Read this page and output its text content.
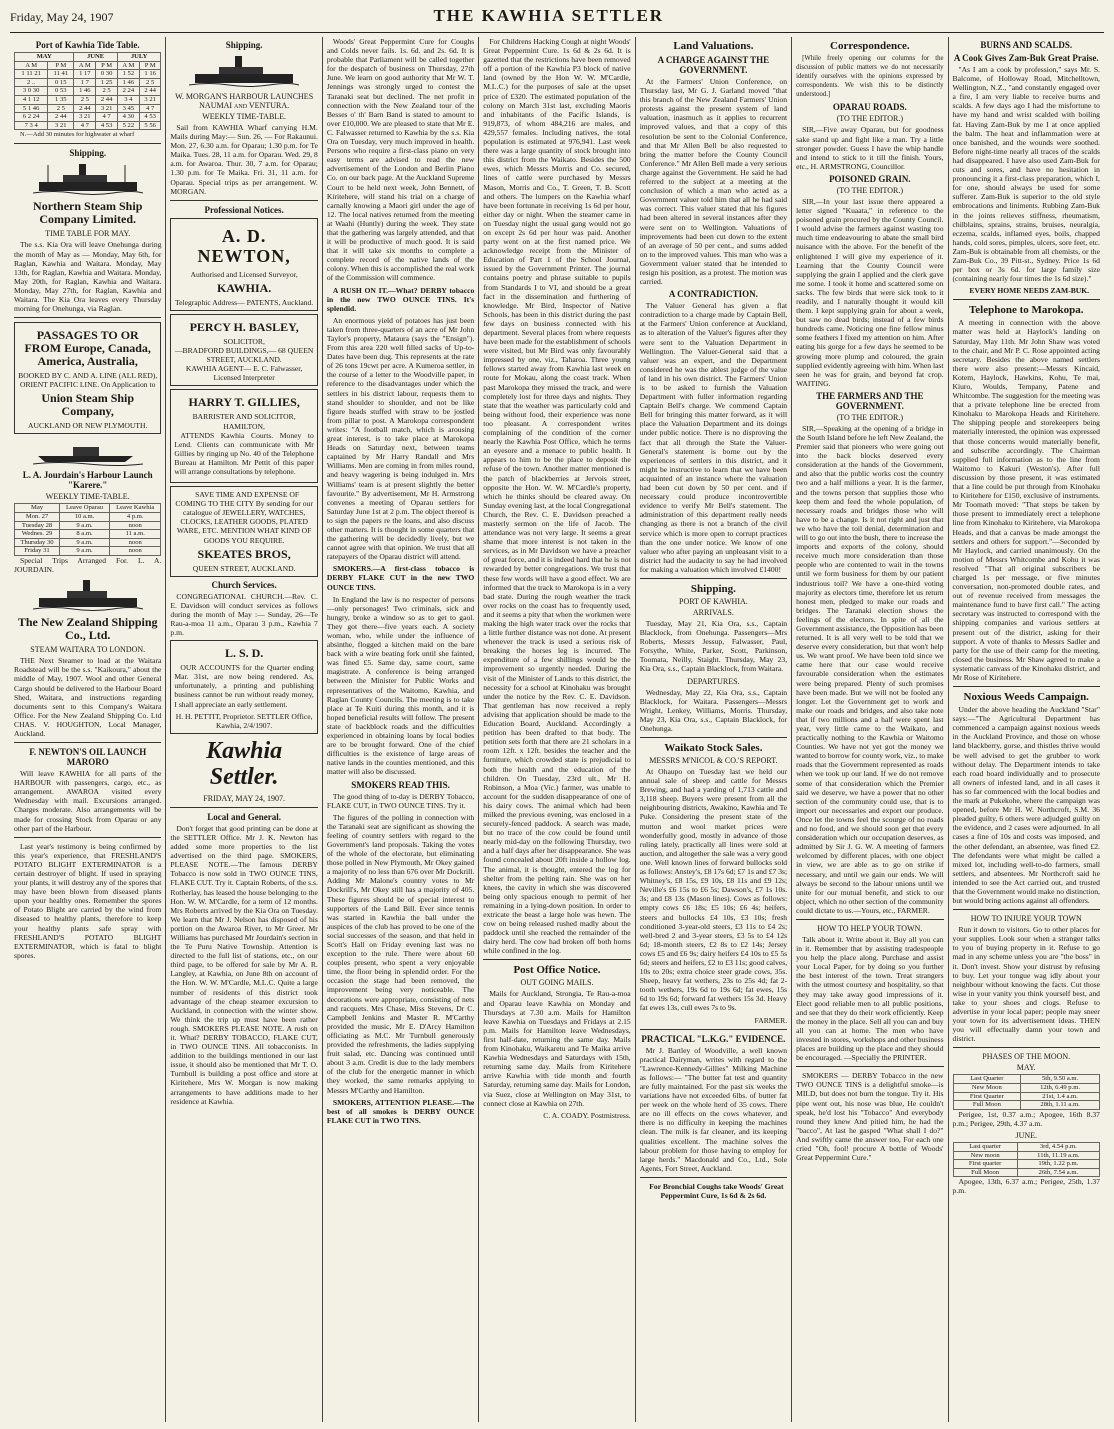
Friday, May 24, 1907	THE KAWHIA SETTLER
Port of Kawhia Tide Table.
MAY		JUNE		JULY	
A M	P M	A M	P M	A M	P M
1 11 21	11 41	1 17	0 30	1 52	1 16
2 ..	0 15	1 7	1 25	1 46	2 5
3 0 30	0 53	1 46	2 5	2 24	2 44
4 1 12	1 35	2 5	2 44	3 4	3 21
5 1 46	2 5	2 44	3 21	3 45	4 7
6 2 24	2 44	3 21	4 7	4 30	4 53
7 3 4	3 21	4 7	4 53	5 22	5 56

N.—Add 30 minutes for highwater at wharf

Shipping.
Northern Steam Ship Company Limited.
TIME TABLE FOR MAY.

The s.s. Kia Ora will leave Onehunga during the month of May as — Monday, May 6th, for Raglan, Kawhia and Waitara. Monday, May 13th, for Raglan, Kawhia and Waitara. Monday, May 20th, for Raglan, Kawhia and Waitara. Monday, May 27th, for Raglan, Kawhia and Waitara. The Kia Ora leaves every Thursday morning for Onehunga, via Raglan.

PASSAGES TO OR FROM Europe, Canada, America, Australia,
BOOKED BY C. AND A. LINE (ALL RED), ORIENT PACIFIC LINE. On Application to
Union Steam Ship Company,
AUCKLAND OR NEW PLYMOUTH.
L. A. Jourdain's Harbour Launch "Karere."
WEEKLY TIME-TABLE.
May	Leave Oparau	Leave Kawhia
Mon. 27	10 a.m.	4 p.m.
Tuesday 28	9 a.m.	noon
Wednes. 29	8 a.m.	11 a.m.
Thursday 30	9 a.m.	noon
Friday 31	9 a.m.	noon

Special Trips Arranged For. L. A. JOURDAIN.

The New Zealand Shipping Co., Ltd.
STEAM WAITARA TO LONDON.

THE Next Steamer to load at the Waitara Roadstead will be the s.s. "Kaikoura," about the middle of May, 1907. Wool and other General Cargo should be delivered to the Harbour Board Shed, Waitara, and instructions regarding documents sent to this Company's Waitara Office. For the New Zealand Shipping Co. Ltd CHAS. V. HOUGHTON, Local Manager, Auckland.

F. NEWTON'S OIL LAUNCH MARORO

Will leave KAWHIA for all parts of the HARBOUR with passengers, cargo, etc., as arrangement. AWAROA visited every Wednesday with mail. Excursions arranged. Charges moderate. Also arrangements will be made for crossing Stock from Oparau or any other part of the Harbour.

Last year's testimony is being confirmed by this year's experience, that FRESHLAND'S POTATO BLIGHT EXTERMINATOR is a certain destroyer of blight. If used in spraying your plants, it will destroy any of the spores that may have been blown from diseased plants upon your healthy ones. Remember the spores of Potato Blight are carried by the wind from diseased to healthy plants, therefore to keep your healthy plants safe spray with FRESHLAND'S POTATO BLIGHT EXTERMINATOR, which is fatal to blight spores.

Shipping.
W. MORGAN'S HARBOUR LAUNCHES NAUMAI and VENTURA.
WEEKLY TIME-TABLE.

Sail from KAWHIA Wharf carrying H.M. Mails during May:— Sun. 26, — For Rakaunui. Mon. 27, 6.30 a.m. for Oparau; 1.30 p.m. for Te Maika. Tues. 28, 11 a.m. for Oparau. Wed. 29, 8 a.m. for Awaroa. Thur. 30, 7 a.m. for Oparau; 1.30 p.m. for Te Maika. Fri. 31, 11 a.m. for Oparau. Special trips as per arrangement. W. MORGAN.

Professional Notices.
A. D. NEWTON,
Authorised and Licensed Surveyor,
KAWHIA.
Telegraphic Address— PATENTS, Auckland.
PERCY H. BASLEY,
SOLICITOR,
—BRADFORD BUILDINGS,— 68 QUEEN STREET, AUCKLAND.
KAWHIA AGENT— E. C. Falwasser, Licensed Interpreter
HARRY T. GILLIES,
BARRISTER AND SOLICITOR, HAMILTON,

ATTENDS Kawhia Courts. Money to Lend. Clients can communicate with Mr Gillies by ringing up No. 40 of the Telephone Bureau at Hamilton. Mr Pettit of this paper will arrange consultations by telephone.

SAVE TIME AND EXPENSE OF COMING TO THE CITY By sending for our catalogue of JEWELLERY, WATCHES, CLOCKS, LEATHER GOODS, PLATED WARE, ETC. MENTION WHAT KIND OF GOODS YOU REQUIRE.

SKEATES BROS,
QUEEN STREET, AUCKLAND.
Church Services.

CONGREGATIONAL CHURCH.—Rev. C. E. Davidson will conduct services as follows during the month of May :— Sunday, 26—Te Rau-a-moa 11 a.m., Oparau 3 p.m., Kawhia 7 p.m.

L. S. D.

OUR ACCOUNTS for the Quarter ending Mar. 31st, are now being rendered. As, unfortunately, a printing and publishing business cannot be run without ready money, I shall appreciate an early settlement.

H. H. PETTIT, Proprietor. SETTLER Office, Kawhia, 2/4/1907.
Kawhia Settler.
FRIDAY, MAY 24, 1907.
Local and General.

Don't forget that good printing can be done at the SETTLER Office. Mr J. K. Newton has added some more properties to the list advertised on the third page. SMOKERS, PLEASE NOTE.—The famous DERBY Tobacco is now sold in TWO OUNCE TINS, FLAKE CUT. Try it. Captain Roberts, of the s.s. Rotherlay, has leased the house belonging to the Hon. W. W. M'Cardle, for a term of 12 months. Mrs Roberts arrived by the Kia Ora on Tuesday. We learn that Mr J. Nelson has disposed of his portion on the Awaroa River, to Mr Greer. Mr Williams has purchased Mr Jourdain's section in the Te Puru Native Township. Attention is directed to the full list of stations, etc., on our third page, to be offered for sale by Mr A. R. Langley, at Kawhia, on June 8th on account of the Hon. W. W. M'Cardle, M.L.C. Quite a large number of residents of this district took advantage of the cheap steamer excursion to Auckland, in connection with the winter show. We think the trip up must have been rather rough. SMOKERS PLEASE NOTE. A rush on it. What? DERBY TOBACCO, FLAKE CUT, in TWO OUNCE TINS. All tobacconists. In addition to the buildings mentioned in our last issue, it should also be mentioned that Mr T. O. Turnbull is building a post office and store at Kiritehere, Mrs W. Morgan is now making arrangements to have additions made to her residence at Kawhia.

Woods' Great Peppermint Cure for Coughs and Colds never fails. 1s. 6d. and 2s. 6d. It is probable that Parliament will be called together for the despatch of business on Thursday, 27th June. We learn on good authority that Mr W. T. Jennings was strongly urged to contest the Taranaki seat but declined. The net profit in connection with the New Zealand tour of the Besses o' th' Barn Band is stated to amount to over £10,000. We are pleased to state that Mr E. C. Falwasser returned to Kawhia by the s.s. Kia Ora on Tuesday, very much improved in health. Persons who require a first-class piano on very easy terms are advised to read the new advertisement of the London and Berlin Piano Co. on our back page. At the Auckland Supreme Court to be held next week, John Bennett, of Kiritehere, will stand his trial on a charge of carnally knowing a Maori girl under the age of 12. The local natives returned from the meeting at Waahi (Huntly) during the week. They state that the gathering was largely attended, and that it will be productive of much good. It is said that it will take six months to complete a complete record of the native lands of the colony. When this is accomplished the real work of the Commission will commence.

A RUSH ON IT.—What? DERBY tobacco in the new TWO OUNCE TINS. It's splendid.

An enormous yield of potatoes has just been taken from three-quarters of an acre of Mr John Taylor's property, Mataura (says the "Ensign"). From this area 220 well filled sacks of Up-to-Dates have been dug. This represents at the rate of 26 tons 19cwt per acre. A Kumeroa settler, in the course of a letter to the Woodville paper, in reference to the disadvantages under which the settlers in his district labour, requests them to stand shoulder to shoulder, and not be like figure heads stuffed with straw to be jostled from pillar to post. A Marokopa correspondent writes: "A football match, which is arousing great interest, is to take place at Marokopa Heads on Saturday next, between teams captained by Mr Harry Randall and Mrs Williams. Men are coming in from miles round, and heavy wagering is being indulged in. Mrs Williams' team is at present slightly the better favourite." By advertisement, Mr H. Armstrong convenes a meeting of Oparau settlers for Saturday June 1st at 2 p.m. The object thereof is to sign the papers re the loans, and also discuss other matters. It is thought in some quarters that the gathering will be decidedly lively, but we cannot agree with that opinion. We trust that all ratepayers of the Oparau district will attend.

SMOKERS.—A first-class tobacco is DERBY FLAKE CUT in the new TWO OUNCE TINS.

In England the law is no respecter of persons—only personages! Two criminals, sick and hungry, broke a window so as to get to gaol. They got there—five years each. A society woman, who, while under the influence of absinthe, flogged a kitchen maid on the bare back with a wire beating fork until she fainted, was fined £5. Same day, same court, same magistrate. A conference is being arranged between the Minister for Public Works and representatives of the Waitomo, Kawhia, and Raglan County Councils. The meeting is to take place at Te Kuiti during this month, and it is hoped beneficial results will follow. The present state of backblock roads and the difficulties experienced in obtaining loans by local bodies are to be brought forward. One of the chief difficulties is the existence of large areas of native lands in the counties mentioned, and this matter will also be discussed.

SMOKERS READ THIS.

The good thing of to-day is DERBY Tobacco, FLAKE CUT, in TWO OUNCE TINS. Try it.

The figures of the polling in connection with the Taranaki seat are significant as showing the feeling of country settlers with regard to the Government's land proposals. Taking the votes of the whole of the electorate, but eliminating those polled in New Plymouth, Mr Okey gained a majority of no less than 676 over Mr Dockrill. Adding Mr Malone's country votes to Mr Dockrill's, Mr Okey still has a majority of 405. These figures should be of special interest to supporters of the Land Bill. Ever since tennis was started in Kawhia the ball under the auspices of the club has proved to be one of the social successes of the season, and that held in Scott's Hall on Friday evening last was no exception to the rule. There were about 60 couples present, who spent a very enjoyable time, the floor being in splendid order. For the occasion the stage had been removed, the improvement being very noticeable. The decorations were appropriate, consisting of nets and racquets. Mrs Chase, Miss Stevens, Dr C. Campbell Jenkins and Master R. M'Carthy provided the music, Mr E. D'Arcy Hamilton officiating as M.C. Mr Turnbull generously provided the refreshments, the ladies supplying fruit salad, etc. Dancing was continued until about 3 a.m. Credit is due to the lady members of the club for the energetic manner in which they worked, the same remarks applying to Messrs M'Carthy and Hamilton.

SMOKERS, ATTENTION PLEASE.—The best of all smokes is DERBY OUNCE FLAKE CUT in TWO TINS.

For Childrens Hacking Cough at night Woods' Great Peppermint Cure. 1s 6d & 2s 6d. It is gazetted that the restrictions have been removed off a portion of the Kawhia P3 block of native land (owned by the Hon W. W. M'Cardle, M.L.C.) for the purposes of sale at the upset price of £320. The estimated population of the colony on March 31st last, excluding Maoris and inhabitants of the Pacific Islands, is 919,873, of whom 484,216 are males, and 429,557 females. Including natives, the total population is estimated at 976,941. Last week there was a large quantity of stock brought into this district from the Waikato. Besides the 500 ewes, which Messrs Morris and Co. secured, lines of cattle were purchased by Messrs Mason, Morris and Co., T. Green, T. B. Scott and others. The lumpers on the Kawhia wharf have been fortunate in receiving 1s 6d per hour, either day or night. When the steamer came in on Tuesday night the usual gang would not go on except 2s 6d per hour was paid. Another party went on at the first named price. We acknowledge receipt from the Minister of Education of Part 1 of the School Journal, issued by the Government Printer. The journal contains poetry and phrase suitable to pupils from Standards I to VI, and should be a great fact in the dissemination and furthering of knowledge. Mr Bird, Inspector of Native Schools, has been in this district during the past few days on business connected with his department. Several places from where requests have been made for the establishment of schools were visited, but Mr Bird was only favourably impressed by one, viz., Taharoa. Three young fellows started away from Kawhia last week en route for Mokau, along the coast track. When past Marokopa they missed the track, and were completely lost for three days and nights. They state that the weather was particularly cold and being without food, their experience was none too pleasant. A correspondent writes complaining of the condition of the corner nearly the Kawhia Post Office, which he terms an eyesore and a menace to public health. It appears to him to be the place to deposit the refuse of the town. Another matter mentioned is the patch of blackberries at Jervois street, opposite the Hon. W. W. M'Cardle's property, which he thinks should be cleared away. On Sunday evening last, at the local Congregational Church, the Rev. C. E. Davidson preached a masterly sermon on the life of Jacob. The attendance was not very large. It seems a great shame that more interest is not taken in the services, as in Mr Davidson we have a preacher of great force, and it is indeed hard that he is not rewarded by better congregations. We trust that these few words will have a good effect. We are informed that the track to Marokopa is in a very bad state. During the rough weather the track over rocks on the coast has to frequently used, and it seems a pity that when the workmen were making the high water track over the rocks that a little further distance was not done. At present whenever the track is used a serious risk of breaking the horses leg is incurred. The expenditure of a few shillings would be the improvement so urgently needed. During the visit of the Minister of Lands to this district, the necessity for a school at Kinohaku was brought under the notice by the Rev. C. E. Davidson. That gentleman has now received a reply advising that application should be made to the Education Board, Auckland. Accordingly a petition has been drafted to that body. The petition sets forth that there are 21 scholars in a room 12ft. x 12ft. besides the teacher and the furniture, which crowded state is prejudicial to both the health and the education of the children. On Tuesday, 23rd ult., Mr H. Robinson, a Moa (Vic.) farmer, was unable to account for the sudden disappearance of one of his dairy cows. The animal which had been milked the previous evening, was enclosed in a securely-fenced paddock. A search was made, but no trace of the cow could be found until nearly mid-day on the following Thursday, two and a half days after her disappearance. She was found concealed about 20ft inside a hollow log. The animal, it is thought, entered the log for shelter from the pelting rain. She was on her knees, the cavity in which she was discovered being only spacious enough to permit of her remaining in a lying-down position. In order to extricate the beast a large hole was hewn. The cow on being released rushed madly about the paddock until she reached the remainder of the dairy herd. The cow had broken off both horns while confined in the log.

Post Office Notice.
OUT GOING MAILS.

Mails for Auckland, Strongia, Te Rau-a-moa and Oparau leave Kawhia on Monday and Thursdays at 7.30 a.m. Mails for Hamilton leave Kawhia on Tuesdays and Fridays at 2.15 p.m. Mails for Hamilton leave Wednesdays, first half-date, returning the same day. Mails from Kinohaku, Waikaretu and Te Maika arrive Kawhia Wednesdays and Saturdays with 15th, returning same day. Mails from Kiritehere arrive Kawhia with tide month and fourth Saturday, returning same day. Mails for London, via Suez, close at Wellington on May 31st, to connect close at Kawhia on 27th.

C. A. COADY. Postmistress.

Land Valuations.
A CHARGE AGAINST THE GOVERNMENT.

At the Farmers' Union Conference, on Thursday last, Mr G. J. Garland moved "that this branch of the New Zealand Farmers' Union protests against the present system of land valuation, inasmuch as it applies to recurrent improved values, and that a copy of this resolution be sent to the Colonial Conference, and that Mr Allen Bell be also requested to bring the matter before the County Council Conference." Mr Allen Bell made a very serious charge against the Government. He said he had referred to the subject at a meeting at the conclusion of which a man who acted as a Government valuer told him that all he had said was correct. This valuer stated that his figures had been altered in several instances after they were sent on to Wellington. Valuations of improvements had been cut down to the extent of an average of 50 per cent., and sums added on to the improved values. This man who was a Government valuer stated that he intended to resign his position, as a protest. The motion was carried.

A CONTRADICTION.

The Valuer General has given a flat contradiction to a charge made by Captain Bell, at the Farmers' Union conference at Auckland, as to alteration of the Valuer's figures after they were sent to the Valuation Department in Wellington. The Valuer-General said that a valuer was an expert, and the Department considered he was the ablest judge of the value of land in his own district. The Farmers' Union is to be asked to furnish the Valuation Department with fuller information regarding Captain Bell's charge. We commend Captain Bell for bringing this matter forward, as it will place the Valuation Department and its doings under public notice. There is no disproving the fact that all through the State the Valuer-General's statement is borne out by the experiences of settlers in this district, and it might be instructive to learn that we have been acquainted of an instance where the valuation had been cut down by 50 per cent. and if necessary could produce incontrovertible evidence to verify Mr Bell's statement. The administration of this department really needs changing as there is not a branch of the civil service which is more open to corrupt practices than the one under notice. We know of one valuer who after paying an unpleasant visit to a district had the audacity to say he had involved for making a valuation which involved £1400!

Shipping.
PORT OF KAWHIA.
ARRIVALS.

Tuesday, May 21, Kia Ora, s.s., Captain Blacklock, from Onehunga. Passengers—Mrs Roberts, Messrs Jessup, Falwasser, Paul, Forsythe, White, Parker, Scott, Parkinson, Toomata, Neilly, Staight. Thursday, May 23, Kia Ora, s.s., Captain Blacklock, from Waitara.

DEPARTURES.

Wednesday, May 22, Kia Ora, s.s., Captain Blacklock, for Waitara. Passengers—Messrs Wright, Lenkey, Williams, Morris. Thursday, May 23, Kia Ora, s.s., Captain Blacklock, for Onehunga.

Waikato Stock Sales.
MESSRS M'NICOL & CO.'S REPORT.

At Ohaupo on Tuesday last we held our annual sale of sheep and cattle for Messrs Brewing, and had a yarding of 1,713 cattle and 3,118 sheep. Buyers were present from all the neighbouring districts, Awakino, Kawhia and Te Puke. Considering the present state of the mutton and wool market prices were wonderfully good, mostly in advance of those ruling lately, practically all lines were sold at auction, and altogether the sale was a very good one. Well known lines of forward bullocks sold as follows: Anstey's, £8 17s 6d; £7 1s and £7 3s; Whitney's, £8 15s, £9 10s, £8 11s and £9 12s; Neville's £6 15s to £6 5s; Dawson's, £7 1s 10s. 3s; and £8 13s (Mason lines). Cows as follows: empty cows £6 18s; £5 10s; £6 4s; heifers, steers and bullocks £4 10s, £3 10s; fresh conditioned 3-year-old steers, £3 11s to £4 2s; well-bred 2 and 3-year steers, £3 5s to £4 12s 6d; 18-month steers, £2 8s to £2 14s; Jersey cows £5 and £6 9s; dairy heifers £4 10s to £5 5s 6d; steers and heifers, £2 to £3 11s; good calves, 10s to 20s; extra choice steer grade cows, 35s. Sheep, heavy fat wethers, 23s to 25s 4d; fat 2-tooth wethers, 19s 6d to 19s 6d; fat ewes, 15s 6d to 19s 6d; forward fat wethers 15s 3d. Heavy fat ewes 13s, cull ewes 7s to 9s.

FARMER.

PRACTICAL "L.K.G." EVIDENCE.

Mr J. Bartley of Woodville, a well known practical Dairyman, writes with regard to the "Lawrence-Kennedy-Gillies" Milking Machine as follows:— "The butter fat test and quantity are fully maintained. For the past six weeks the variations have not exceeded 6lbs. of butter fat per week on the whole herd of 35 cows. There are no ill effects on the cows whatever, and there is no difficulty in keeping the machines clean. The milk is far cleaner, and its keeping qualities excellent. The machine solves the labour problem for those having to employ for large herds." Macdonald and Co., Ltd., Sole Agents, Fort Street, Auckland.

For Bronchial Coughs take Woods' Great Peppermint Cure, 1s 6d & 2s 6d.

Correspondence.

[While freely opening our columns for the discussion of public matters we do not necessarily identify ourselves with the opinions expressed by correspondents. We wish this to be distinctly understood.]

OPARAU ROADS.
(TO THE EDITOR.)

SIR,—Five away Oparau, but for goodness sake stand up and fight like a man. Try a little stronger powder. Guess I have the whip handle and intend to stick to it till the finish. Yours, etc., H. ARMSTRONG, Councillor.

POISONED GRAIN.
(TO THE EDITOR.)

SIR,—In your last issue there appeared a letter signed "Kuaata," in reference to the poisoned grain procured by the County Council. I would advise the farmers against wasting too much time endeavouring to abate the small bird nuisance with the above. For the benefit of the enlightened I will give my experience of it. Learning that the County Council were supplying the grain I applied and the clerk gave me some. I took it home and scattered some on sacks. The few birds that were sick took to it readily, and I naturally thought it would kill them. I kept supplying grain for about a week, but saw no dead birds; instead of a few birds hundreds came. Noticing one fine fellow minus some feathers I fixed my attention on him. After eating his gorge for a few days he seemed to be growing more plump and coloured, the grain supplied evidently agreeing with him. When last seen he was for grain, and beyond fat crop. WAITING.

THE FARMERS AND THE GOVERNMENT.
(TO THE EDITOR.)

SIR,—Speaking at the opening of a bridge in the South Island before he left New Zealand, the Premier said that pioneers who were going out into the back blocks deserved every consideration at the hands of the Government, and also that the public works cost the country two and a half millions a year. It is the farmer, and the towns person that supplies those who keep them and feed the whole population, of necessary roads and bridges those who will have to be a change. Is it not right and just that we who have the toil denial, determination and will to go out into the bush, there to increase the imports and exports of the colony, should receive much more consideration than those people who are contented to wait in the towns until we form business for them by our patient industrious toil? We have a one-third voting majority as electors time, therefore let us return honest men, pledged to make our roads and bridges. The Taranaki election shows the feelings of the electors. In spite of all the Government assistance, the Opposition has been returned. It is all very well to be told that we deserve every consideration, but that won't help us. We want proof. We have been told since we came here that our case would receive favourable consideration when the estimates were being prepared. Plenty of such promises have been made. But we will not be fooled any longer. Let the Government get to work and make our roads and bridges, and also take note that if two millions and a half were spent last year, very little came to the Waikato, and practically nothing to the Kawhia or Waitomo Counties. We have not yet got the money we wanted to borrow for county work, viz., to make roads that the Government represented as roads when we took up our land. If we do not remove some of that consideration which the Premier said we deserve, we have a power that no other section of the community could use, that is to import our necessaries and export our produce. Once let the towns feel the scourge of no roads and no food, and we should soon get that every consideration which our occupation deserves, as admitted by Sir J. G. W. A meeting of farmers welcomed by different places, with one object in view, we are able as to go on strike if necessary, and until we gain our ends. We will always be second to the labour unions until we unite for our mutual benefit, and stick to our object, which no other section of the community could dictate to us.—Yours, etc., FARMER.

HOW TO HELP YOUR TOWN.

Talk about it. Write about it. Buy all you can in it. Remember that by assisting tradespeople you help the place along. Purchase and assist your Local Paper, for by doing so you further the best interest of the town. Treat strangers with the utmost courtesy and hospitality, so that they may take away good impressions of it. Elect good reliable men to all public positions, and see that they do their work efficiently. Keep the money in the place. Sell all you can and buy all you can at home. The men who have invested in stores, workshops and other business places are building up the place and they should be encouraged. —Specially the PRINTER.

SMOKERS — DERBY Tobacco in the new TWO OUNCE TINS is a delightful smoke—is MILD, but does not burn the tongue. Try it. His pipe went out, his nose was blue, He couldn't speak, he'd lost his "Tobacco" And everybody round they knew And pitied him, he had the "bacco", At last he gasped "What shall I do?" And swiftly came the answer too, For each one cried "Oh, fool! procure A bottle of Woods' Great Peppermint Cure."

BURNS AND SCALDS.
A Cook Gives Zam-Buk Great Praise.

"As I am a cook by profession," says Mr. S. Balcome, of Holloway Road, Mitchelltown, Wellington, N.Z., "and constantly engaged over a fire, I am very liable to receive burns and scalds. A few days ago I had the misfortune to have my hand and wrist scalded with boiling fat. Having Zam-Buk by me I at once applied the balm. The heat and inflammation were at once banished, and the wounds were soothed. Before night-time nearly all traces of the scalds had disappeared. I have also used Zam-Buk for cuts and sores, and have no hesitation in pronouncing it a first-class preparation, which I, for one, should always be used for some sufferer. Zam-Buk is superior to the old style embrocations and liniments. Rubbing Zam-Buk in the joints relieves stiffness, rheumatism, chilblains, sprains, strains, bruises, neuralgia, eczema, scalds, inflamed eyes, boils, chapped hands, cold sores, pimples, ulcers, sore feet, etc. Zam-Buk is obtainable from all chemists, or the Zam-Buk Co., 39 Pitt-st., Sydney. Price 1s 6d per box or 3s 6d. for large family size (containing nearly four times the 1s 6d size)."

EVERY HOME NEEDS ZAM-BUK.

Telephone to Marokopa.

A meeting in connection with the above matter was held at Haylock's landing on Saturday, May 11th. Mr John Shaw was voted to the chair, and Mr P. C. Rose appointed acting secretary. Besides the above named settlers there were also present:—Messrs Kincaid, Kotem, Haylock, Hawkins, Kohu, Te mai, Kiuro, Woulds, Tempany, Patene and Whitcombe. The suggestion for the meeting was that a private telephone line be erected from Kinohaku to Marokopa Heads and Kiritehere. The shipping people and storekeepers being materially interested, the opinion was expressed that those concerns would materially benefit, and subscribe accordingly. The Chairman supplied full information as to the line from Waitomo to Kakuri (Weston's). After full discussion by those present, it was estimated that a line could be put through from Kinohaku to Kiritehere for £150, exclusive of instruments. Mr Toomath moved: "That steps be taken by those present to immediately erect a telephone line from Kinohaku to Kiritehere, via Marokopa Heads, and that a canvas be made amongst the settlers and others for support."—Seconded by Mr Haylock, and carried unanimously. On the motion of Messrs Whitcombe and Kohu it was resolved "That all original subscribers be charged 1s per message, or five minutes conversation, non-promoted double rates, and out of revenue received from messages the maintenance fund to have first call." The acting secretary was instructed to correspond with the shipping companies and various settlers at present out of the district, asking for their support. A vote of thanks to Messrs Sadler and party for the use of their camp for the meeting, closed the business. Mr Shaw agreed to make a systematic canvass of the Kinohaku district, and Mr Rose of Kiritehere.

Noxious Weeds Campaign.

Under the above heading the Auckland "Star" says:—"The Agricultural Department has commenced a campaign against noxious weeds in the Auckland Province, and those on whose land blackberry, gorse, and thistles thrive would be well advised to get the grubber to work without delay. The Department intends to take each road board individually and to prosecute all owners of infested land, and in all cases it has so far commenced with the local bodies and the mark at Pukekohe, where the campaign was opened, before Mr H. W. Northcroft, S.M. 36 pleaded guilty, 6 others were adjudged guilty on the evidence, and 2 cases were adjourned. In all cases a fine of 10s and costs was imposed, and the other defendant, an absentee, was fined £2. The defendants were what might be called a mixed lot, including well-to-do farmers, small settlers, and absentees. Mr Northcroft said he intended to see the Act carried out, and trusted that the Government would make no distinction, but would bring actions against all offenders.

HOW TO INJURE YOUR TOWN

Run it down to visitors. Go to other places for your supplies. Look sour when a stranger talks to you of buying property in it. Refuse to go mad in any scheme unless you are "the boss" in it. Don't invest. Show your distrust by refusing to buy. Let your tongue wag idly about your neighbour without knowing the facts. Cut those wise in your vanity you think yourself best, and take to your shoes and clogs. Refuse to advertise in your local paper; people may sneer your town for its advertisement ideas. THEN you will effectually damn your town and district.

PHASES OF THE MOON.
MAY.
Last Quarter	5th, 9.50 a.m.
New Moon	12th, 6.49 p.m.
First Quarter	21st, 1.4 a.m.
Full Moon	28th, 1.11 a.m.

Perigee, 1st, 0.37 a.m.; Apogee, 16th 8.37 p.m.; Perigee, 29th, 4.37 a.m.

JUNE.
Last quarter	3rd, 4.54 p.m.
New moon	11th, 11.19 a.m.
First quarter	19th, 1.22 p.m.
Full Moon	26th, 7.54 a.m.

Apogee, 13th, 6.37 a.m.; Perigee, 25th, 1.37 p.m.
